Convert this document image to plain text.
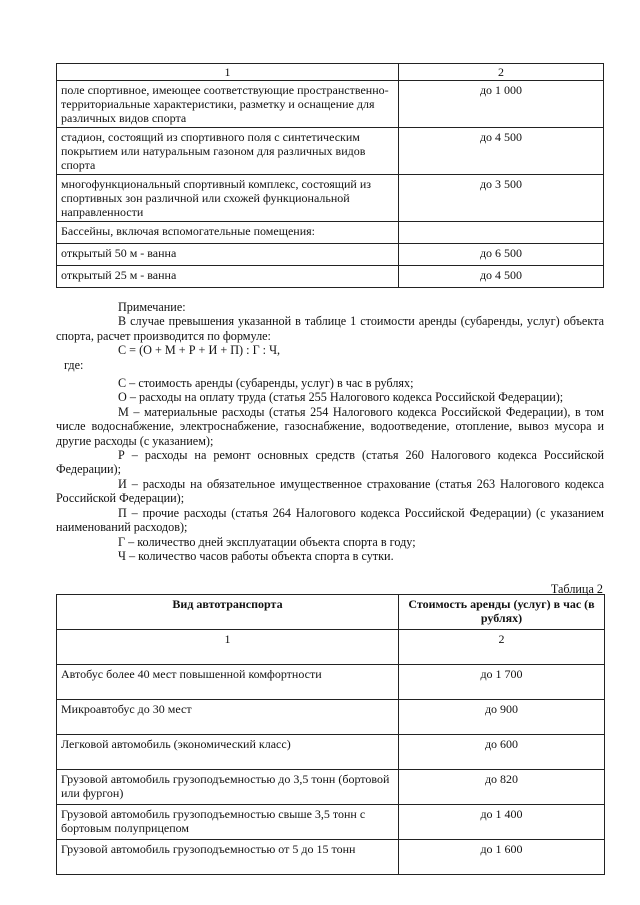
1	2
поле спортивное, имеющее соответствующие пространственно-территориальные характеристики, разметку и оснащение для различных видов спорта	до 1 000
стадион, состоящий из спортивного поля с синтетическим покрытием или натуральным газоном для различных видов спорта	до 4 500
многофункциональный спортивный комплекс, состоящий из спортивных зон различной или схожей функциональной направленности	до 3 500
Бассейны, включая вспомогательные помещения:	
открытый 50 м - ванна	до 6 500
открытый 25 м - ванна	до 4 500

Примечание:

В случае превышения указанной в таблице 1 стоимости аренды (субаренды, услуг) объекта спорта, расчет производится по формуле:

С = (О + М + Р + И + П) : Г : Ч,

где:

С – стоимость аренды (субаренды, услуг) в час в рублях;

О – расходы на оплату труда (статья 255 Налогового кодекса Российской Федерации);

М – материальные расходы (статья 254 Налогового кодекса Российской Федерации), в том числе водоснабжение, электроснабжение, газоснабжение, водоотведение, отопление, вывоз мусора и другие расходы (с указанием);

Р – расходы на ремонт основных средств (статья 260 Налогового кодекса Российской Федерации);

И – расходы на обязательное имущественное страхование (статья 263 Налогового кодекса Российской Федерации);

П – прочие расходы (статья 264 Налогового кодекса Российской Федерации) (с указанием наименований расходов);

Г – количество дней эксплуатации объекта спорта в году;

Ч – количество часов работы объекта спорта в сутки.

Таблица 2
Вид автотранспорта	Стоимость аренды (услуг) в час (в рублях)
1	2
Автобус более 40 мест повышенной комфортности	до 1 700
Микроавтобус до 30 мест	до 900
Легковой автомобиль (экономический класс)	до 600
Грузовой автомобиль грузоподъемностью до 3,5 тонн (бортовой или фургон)	до 820
Грузовой автомобиль грузоподъемностью свыше 3,5 тонн с бортовым полуприцепом	до 1 400
Грузовой автомобиль грузоподъемностью от 5 до 15 тонн	до 1 600
